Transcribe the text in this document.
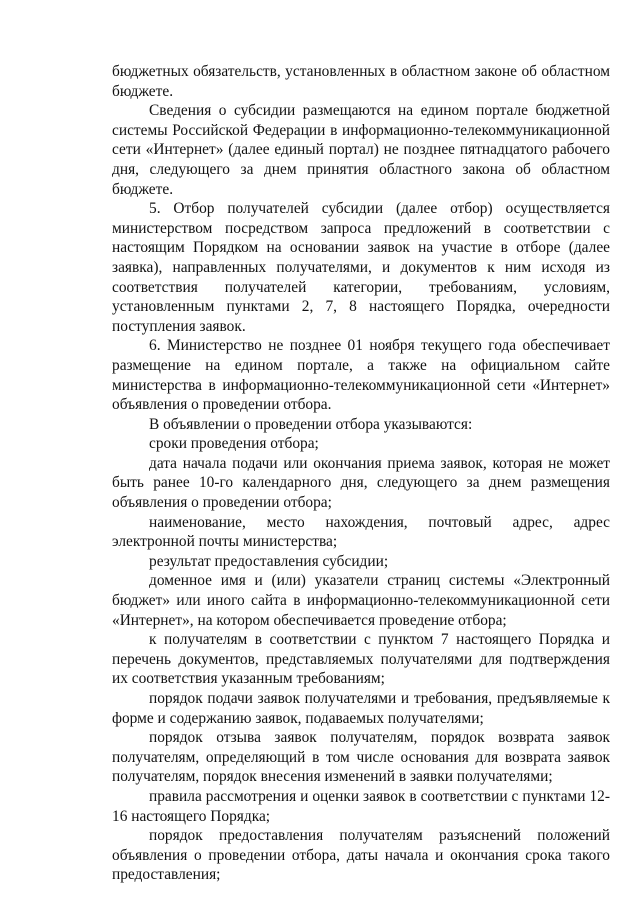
бюджетных обязательств, установленных в областном законе об областном бюджете.

Сведения о субсидии размещаются на едином портале бюджетной системы Российской Федерации в информационно-телекоммуникационной сети «Интернет» (далее единый портал) не позднее пятнадцатого рабочего дня, следующего за днем принятия областного закона об областном бюджете.

5. Отбор получателей субсидии (далее отбор) осуществляется министерством посредством запроса предложений в соответствии с настоящим Порядком на основании заявок на участие в отборе (далее заявка), направленных получателями, и документов к ним исходя из соответствия получателей категории, требованиям, условиям, установленным пунктами 2, 7, 8 настоящего Порядка, очередности поступления заявок.

6. Министерство не позднее 01 ноября текущего года обеспечивает размещение на едином портале, а также на официальном сайте министерства в информационно-телекоммуникационной сети «Интернет» объявления о проведении отбора.

В объявлении о проведении отбора указываются:

сроки проведения отбора;

дата начала подачи или окончания приема заявок, которая не может быть ранее 10-го календарного дня, следующего за днем размещения объявления о проведении отбора;

наименование, место нахождения, почтовый адрес, адрес электронной почты министерства;

результат предоставления субсидии;

доменное имя и (или) указатели страниц системы «Электронный бюджет» или иного сайта в информационно-телекоммуникационной сети «Интернет», на котором обеспечивается проведение отбора;

к получателям в соответствии с пунктом 7 настоящего Порядка и перечень документов, представляемых получателями для подтверждения их соответствия указанным требованиям;

порядок подачи заявок получателями и требования, предъявляемые к форме и содержанию заявок, подаваемых получателями;

порядок отзыва заявок получателям, порядок возврата заявок получателям, определяющий в том числе основания для возврата заявок получателям, порядок внесения изменений в заявки получателями;

правила рассмотрения и оценки заявок в соответствии с пунктами 12-16 настоящего Порядка;

порядок предоставления получателям разъяснений положений объявления о проведении отбора, даты начала и окончания срока такого предоставления;
